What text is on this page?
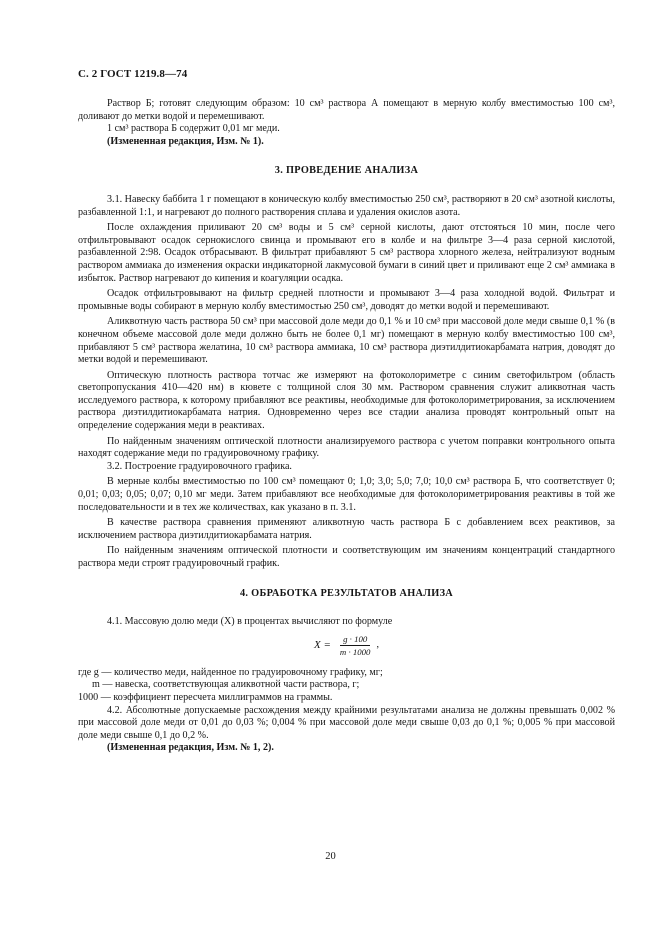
С. 2 ГОСТ 1219.8—74

Раствор Б; готовят следующим образом: 10 см³ раствора А помещают в мерную колбу вместимостью 100 см³, доливают до метки водой и перемешивают.

1 см³ раствора Б содержит 0,01 мг меди.

(Измененная редакция, Изм. № 1).

3. ПРОВЕДЕНИЕ АНАЛИЗА

3.1. Навеску баббита 1 г помещают в коническую колбу вместимостью 250 см³, растворяют в 20 см³ азотной кислоты, разбавленной 1:1, и нагревают до полного растворения сплава и удаления окислов азота.

После охлаждения приливают 20 см³ воды и 5 см³ серной кислоты, дают отстояться 10 мин, после чего отфильтровывают осадок сернокислого свинца и промывают его в колбе и на фильтре 3—4 раза серной кислотой, разбавленной 2:98. Осадок отбрасывают. В фильтрат прибавляют 5 см³ раствора хлорного железа, нейтрализуют водным раствором аммиака до изменения окраски индикаторной лакмусовой бумаги в синий цвет и приливают еще 2 см³ аммиака в избыток. Раствор нагревают до кипения и коагуляции осадка.

Осадок отфильтровывают на фильтр средней плотности и промывают 3—4 раза холодной водой. Фильтрат и промывные воды собирают в мерную колбу вместимостью 250 см³, доводят до метки водой и перемешивают.

Аликвотную часть раствора 50 см³ при массовой доле меди до 0,1 % и 10 см³ при массовой доле меди свыше 0,1 % (в конечном объеме массовой доле меди должно быть не более 0,1 мг) помещают в мерную колбу вместимостью 100 см³, прибавляют 5 см³ раствора желатина, 10 см³ раствора аммиака, 10 см³ раствора диэтилдитиокарбамата натрия, доводят до метки водой и перемешивают.

Оптическую плотность раствора тотчас же измеряют на фотоколориметре с синим светофильтром (область светопропускания 410—420 нм) в кювете с толщиной слоя 30 мм. Раствором сравнения служит аликвотная часть исследуемого раствора, к которому прибавляют все реактивы, необходимые для фотоколориметрирования, за исключением раствора диэтилдитиокарбамата натрия. Одновременно через все стадии анализа проводят контрольный опыт на определение содержания меди в реактивах.

По найденным значениям оптической плотности анализируемого раствора с учетом поправки контрольного опыта находят содержание меди по градуировочному графику.

3.2. Построение градуировочного графика.

В мерные колбы вместимостью по 100 см³ помещают 0; 1,0; 3,0; 5,0; 7,0; 10,0 см³ раствора Б, что соответствует 0; 0,01; 0,03; 0,05; 0,07; 0,10 мг меди. Затем прибавляют все необходимые для фотоколориметрирования реактивы в той же последовательности и в тех же количествах, как указано в п. 3.1.

В качестве раствора сравнения применяют аликвотную часть раствора Б с добавлением всех реактивов, за исключением раствора диэтилдитиокарбамата натрия.

По найденным значениям оптической плотности и соответствующим им значениям концентраций стандартного раствора меди строят градуировочный график.

4. ОБРАБОТКА РЕЗУЛЬТАТОВ АНАЛИЗА

4.1. Массовую долю меди (X) в процентах вычисляют по формуле

$X = \frac{g \cdot 100}{m \cdot 1000}$ ,

где g — количество меди, найденное по градуировочному графику, мг;

m — навеска, соответствующая аликвотной части раствора, г;

1000 — коэффициент пересчета миллиграммов на граммы.

4.2. Абсолютные допускаемые расхождения между крайними результатами анализа не должны превышать 0,002 % при массовой доле меди от 0,01 до 0,03 %; 0,004 % при массовой доле меди свыше 0,03 до 0,1 %; 0,005 % при массовой доле меди свыше 0,1 до 0,2 %.

(Измененная редакция, Изм. № 1, 2).

20
